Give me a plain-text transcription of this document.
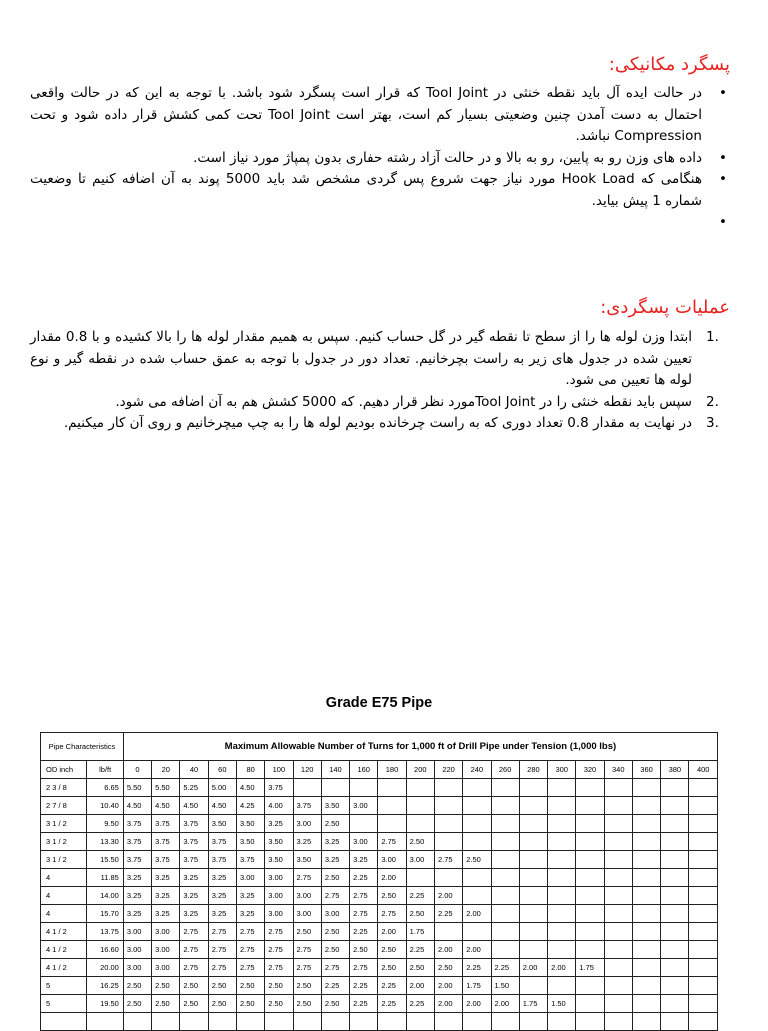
پسگرد مکانیکی:
• در حالت ایده آل باید نقطه خنثی در Tool Joint که قرار است پسگرد شود باشد. با توجه به این که در حالت واقعی احتمال به دست آمدن چنین وضعیتی بسیار کم است، بهتر است Tool Joint تحت کمی کشش قرار داده شود و تحت Compression نباشد.
• داده های وزن رو به پایین، رو به بالا و در حالت آزاد رشته حفاری بدون پمپاژ مورد نیاز است.
• هنگامی که Hook Load مورد نیاز جهت شروع پس گردی مشخص شد باید 5000 پوند به آن اضافه کنیم تا وضعیت شماره 1 پیش بیاید.
•
عملیات پسگردی:
1.
ابتدا وزن لوله ها را از سطح تا نقطه گیر در گل حساب کنیم. سپس به همیم مقدار لوله ها را بالا کشیده و با 0.8 مقدار تعیین شده در جدول های زیر به راست بچرخانیم. تعداد دور در جدول با توجه به عمق حساب شده در نقطه گیر و نوع لوله ها تعیین می شود.
2.
سپس باید نقطه خنثی را در Tool Jointمورد نظر قرار دهیم. که 5000 کشش هم به آن اضافه می شود.
3.
در نهایت به مقدار 0.8 تعداد دوری که به راست چرخانده بودیم لوله ها را به چپ میچرخانیم و روی آن کار میکنیم.
Grade E75 Pipe
Pipe Characteristics		Maximum Allowable Number of Turns for 1,000 ft of Drill Pipe under Tension (1,000 lbs)																				
OD inch	lb/ft	0	20	40	60	80	100	120	140	160	180	200	220	240	260	280	300	320	340	360	380	400
2 3 / 8	6.65	5.50	5.50	5.25	5.00	4.50	3.75															
2 7 / 8	10.40	4.50	4.50	4.50	4.50	4.25	4.00	3.75	3.50	3.00												
3 1 / 2	9.50	3.75	3.75	3.75	3.50	3.50	3.25	3.00	2.50													
3 1 / 2	13.30	3.75	3.75	3.75	3.75	3.50	3.50	3.25	3.25	3.00	2.75	2.50										
3 1 / 2	15.50	3.75	3.75	3.75	3.75	3.75	3.50	3.50	3.25	3.25	3.00	3.00	2.75	2.50								
4	11.85	3.25	3.25	3.25	3.25	3.00	3.00	2.75	2.50	2.25	2.00											
4	14.00	3.25	3.25	3.25	3.25	3.25	3.00	3.00	2.75	2.75	2.50	2.25	2.00									
4	15.70	3.25	3.25	3.25	3.25	3.25	3.00	3.00	3.00	2.75	2.75	2.50	2.25	2.00								
4 1 / 2	13.75	3.00	3.00	2.75	2.75	2.75	2.75	2.50	2.50	2.25	2.00	1.75										
4 1 / 2	16.60	3.00	3.00	2.75	2.75	2.75	2.75	2.75	2.50	2.50	2.50	2.25	2.00	2.00								
4 1 / 2	20.00	3.00	3.00	2.75	2.75	2.75	2.75	2.75	2.75	2.75	2.50	2.50	2.50	2.25	2.25	2.00	2.00	1.75				
5	16.25	2.50	2.50	2.50	2.50	2.50	2.50	2.50	2.25	2.25	2.25	2.00	2.00	1.75	1.50							
5	19.50	2.50	2.50	2.50	2.50	2.50	2.50	2.50	2.50	2.25	2.25	2.25	2.00	2.00	2.00	1.75	1.50					
